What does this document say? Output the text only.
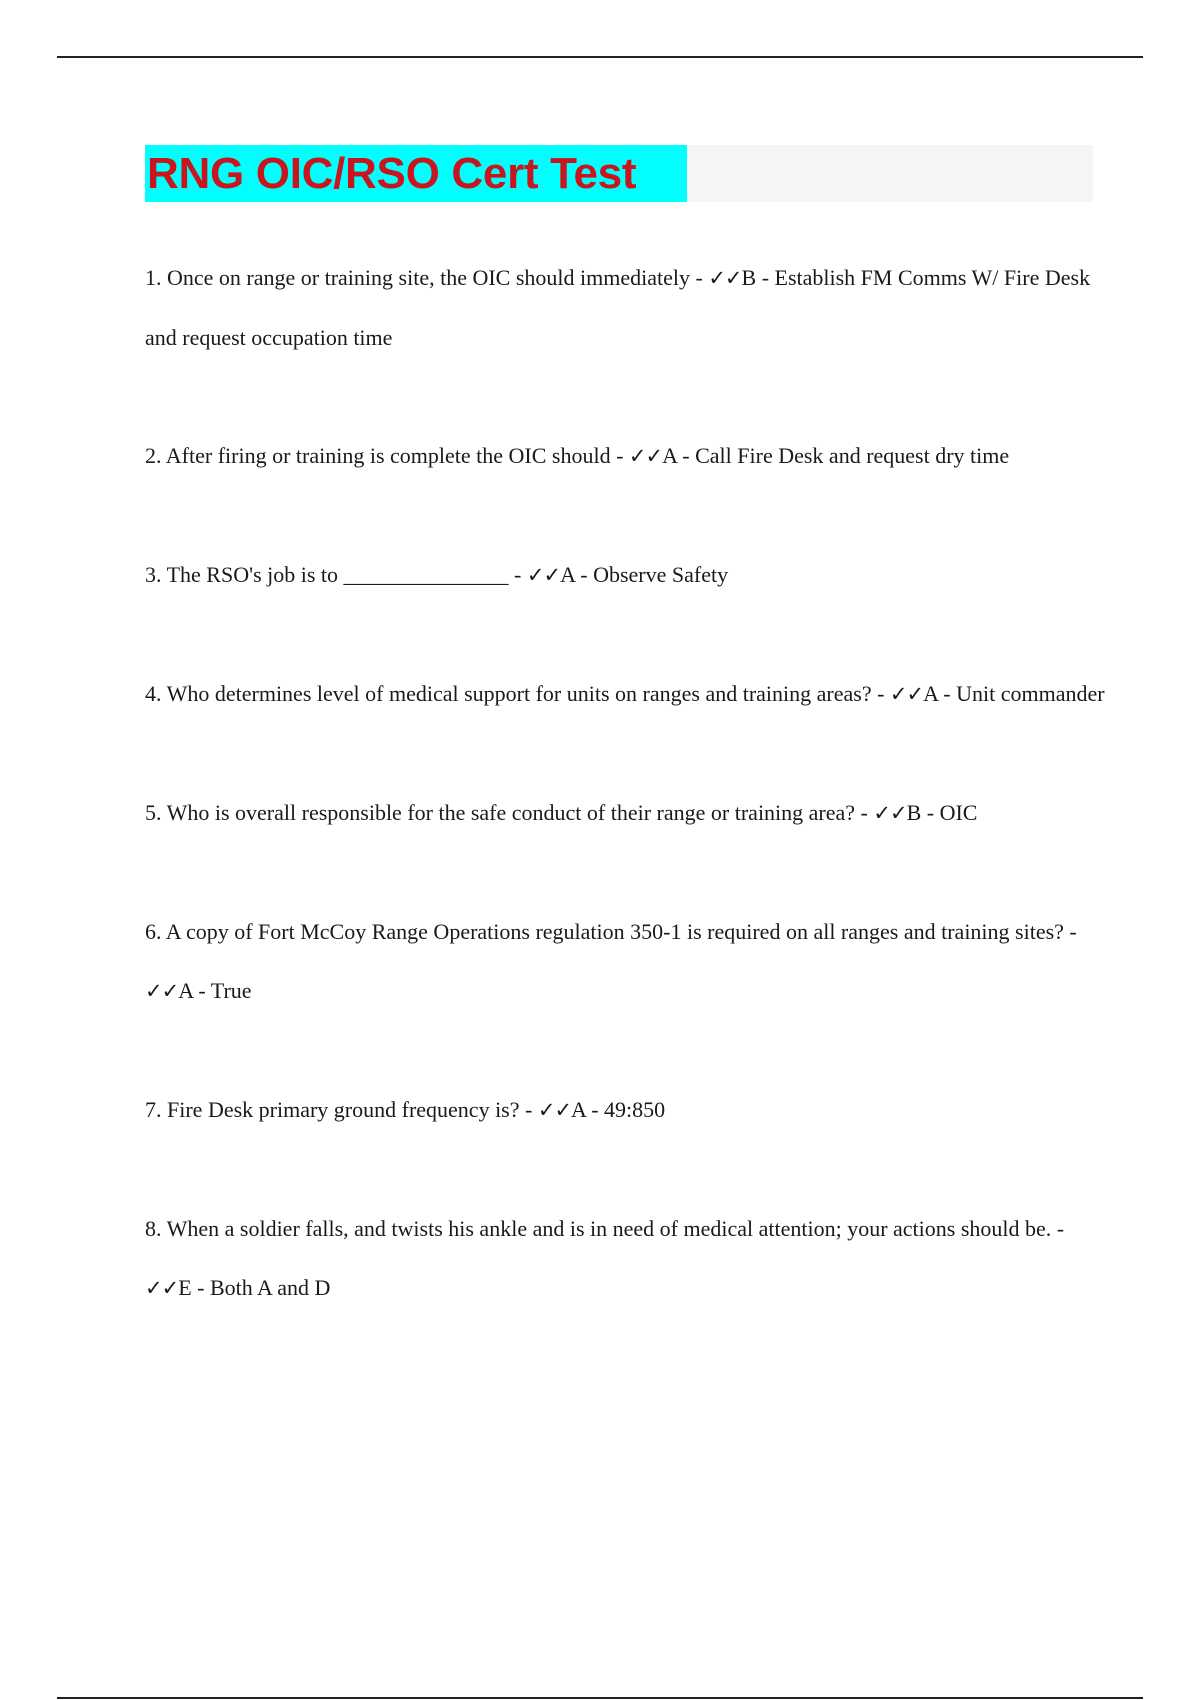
RNG OIC/RSO Cert Test

1. Once on range or training site, the OIC should immediately - ✓✓B - Establish FM Comms W/ Fire Desk and request occupation time

2. After firing or training is complete the OIC should - ✓✓A - Call Fire Desk and request dry time

3. The RSO's job is to _______________ - ✓✓A - Observe Safety

4. Who determines level of medical support for units on ranges and training areas? - ✓✓A - Unit commander

5. Who is overall responsible for the safe conduct of their range or training area? - ✓✓B - OIC

6. A copy of Fort McCoy Range Operations regulation 350-1 is required on all ranges and training sites? - ✓✓A - True

7. Fire Desk primary ground frequency is? - ✓✓A - 49:850

8. When a soldier falls, and twists his ankle and is in need of medical attention; your actions should be. - ✓✓E - Both A and D
